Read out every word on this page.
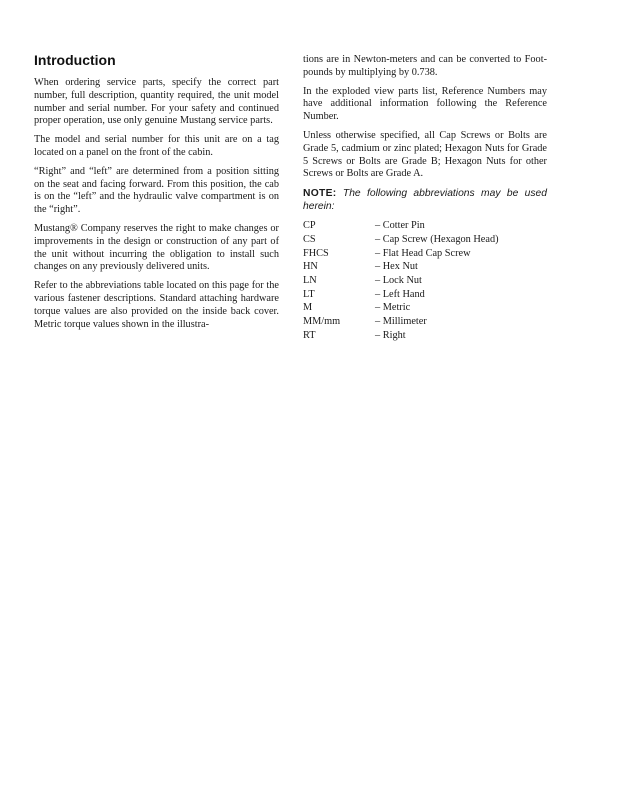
Introduction

When ordering service parts, specify the correct part number, full description, quantity required, the unit model number and serial number. For your safety and continued proper operation, use only genuine Mustang service parts.

The model and serial number for this unit are on a tag located on a panel on the front of the cabin.

“Right” and “left” are determined from a position sitting on the seat and facing forward. From this position, the cab is on the “left” and the hydraulic valve compartment is on the “right”.

Mustang® Company reserves the right to make changes or improvements in the design or construction of any part of the unit without incurring the obligation to install such changes on any previously delivered units.

Refer to the abbreviations table located on this page for the various fastener descriptions. Standard attaching hardware torque values are also provided on the inside back cover. Metric torque values shown in the illustra-

tions are in Newton-meters and can be converted to Foot-pounds by multiplying by 0.738.

In the exploded view parts list, Reference Numbers may have additional information following the Reference Number.

Unless otherwise specified, all Cap Screws or Bolts are Grade 5, cadmium or zinc plated; Hexagon Nuts for Grade 5 Screws or Bolts are Grade B; Hexagon Nuts for other Screws or Bolts are Grade A.

NOTE: The following abbreviations may be used herein:
CP	– Cotter Pin
CS	– Cap Screw (Hexagon Head)
FHCS	– Flat Head Cap Screw
HN	– Hex Nut
LN	– Lock Nut
LT	– Left Hand
M	– Metric
MM/mm	– Millimeter
RT	– Right
